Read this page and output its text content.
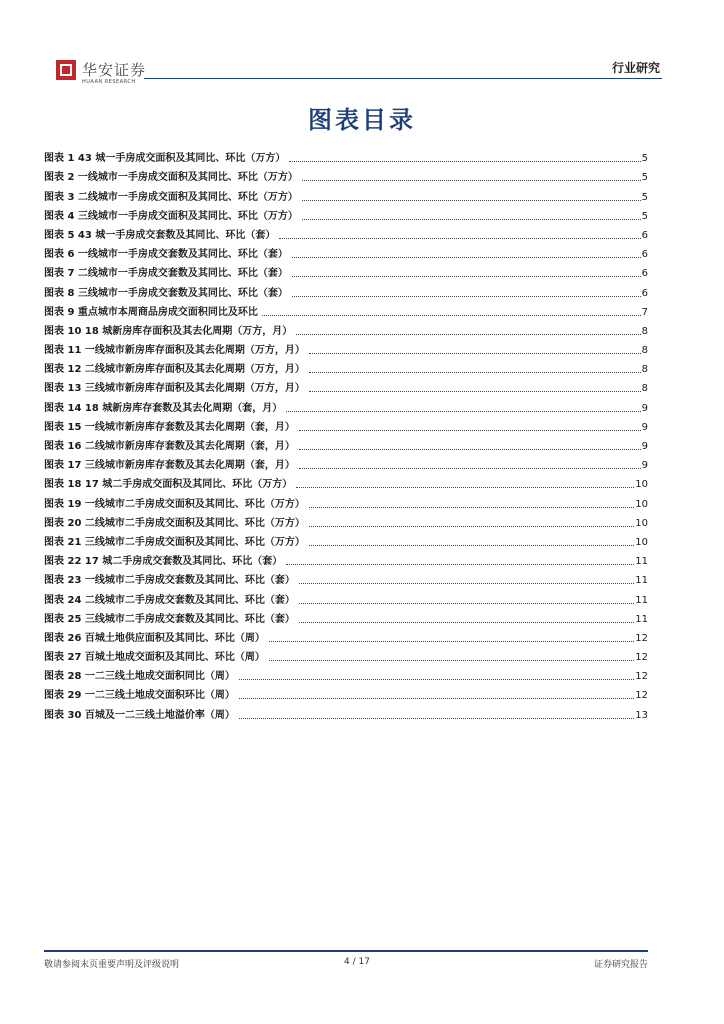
华安证券
HUAAN RESEARCH
行业研究
图表目录
图表 1 43 城一手房成交面积及其同比、环比（万方）	5
图表 2 一线城市一手房成交面积及其同比、环比（万方）	5
图表 3 二线城市一手房成交面积及其同比、环比（万方）	5
图表 4 三线城市一手房成交面积及其同比、环比（万方）	5
图表 5 43 城一手房成交套数及其同比、环比（套）	6
图表 6 一线城市一手房成交套数及其同比、环比（套）	6
图表 7 二线城市一手房成交套数及其同比、环比（套）	6
图表 8 三线城市一手房成交套数及其同比、环比（套）	6
图表 9 重点城市本周商品房成交面积同比及环比	7
图表 10 18 城新房库存面积及其去化周期（万方，月）	8
图表 11 一线城市新房库存面积及其去化周期（万方，月）	8
图表 12 二线城市新房库存面积及其去化周期（万方，月）	8
图表 13 三线城市新房库存面积及其去化周期（万方，月）	8
图表 14 18 城新房库存套数及其去化周期（套，月）	9
图表 15 一线城市新房库存套数及其去化周期（套，月）	9
图表 16 二线城市新房库存套数及其去化周期（套，月）	9
图表 17 三线城市新房库存套数及其去化周期（套，月）	9
图表 18 17 城二手房成交面积及其同比、环比（万方）	10
图表 19 一线城市二手房成交面积及其同比、环比（万方）	10
图表 20 二线城市二手房成交面积及其同比、环比（万方）	10
图表 21 三线城市二手房成交面积及其同比、环比（万方）	10
图表 22 17 城二手房成交套数及其同比、环比（套）	11
图表 23 一线城市二手房成交套数及其同比、环比（套）	11
图表 24 二线城市二手房成交套数及其同比、环比（套）	11
图表 25 三线城市二手房成交套数及其同比、环比（套）	11
图表 26 百城土地供应面积及其同比、环比（周）	12
图表 27 百城土地成交面积及其同比、环比（周）	12
图表 28 一二三线土地成交面积同比（周）	12
图表 29 一二三线土地成交面积环比（周）	12
图表 30 百城及一二三线土地溢价率（周）	13
敬请参阅末页重要声明及评级说明	4 / 17	证券研究报告
